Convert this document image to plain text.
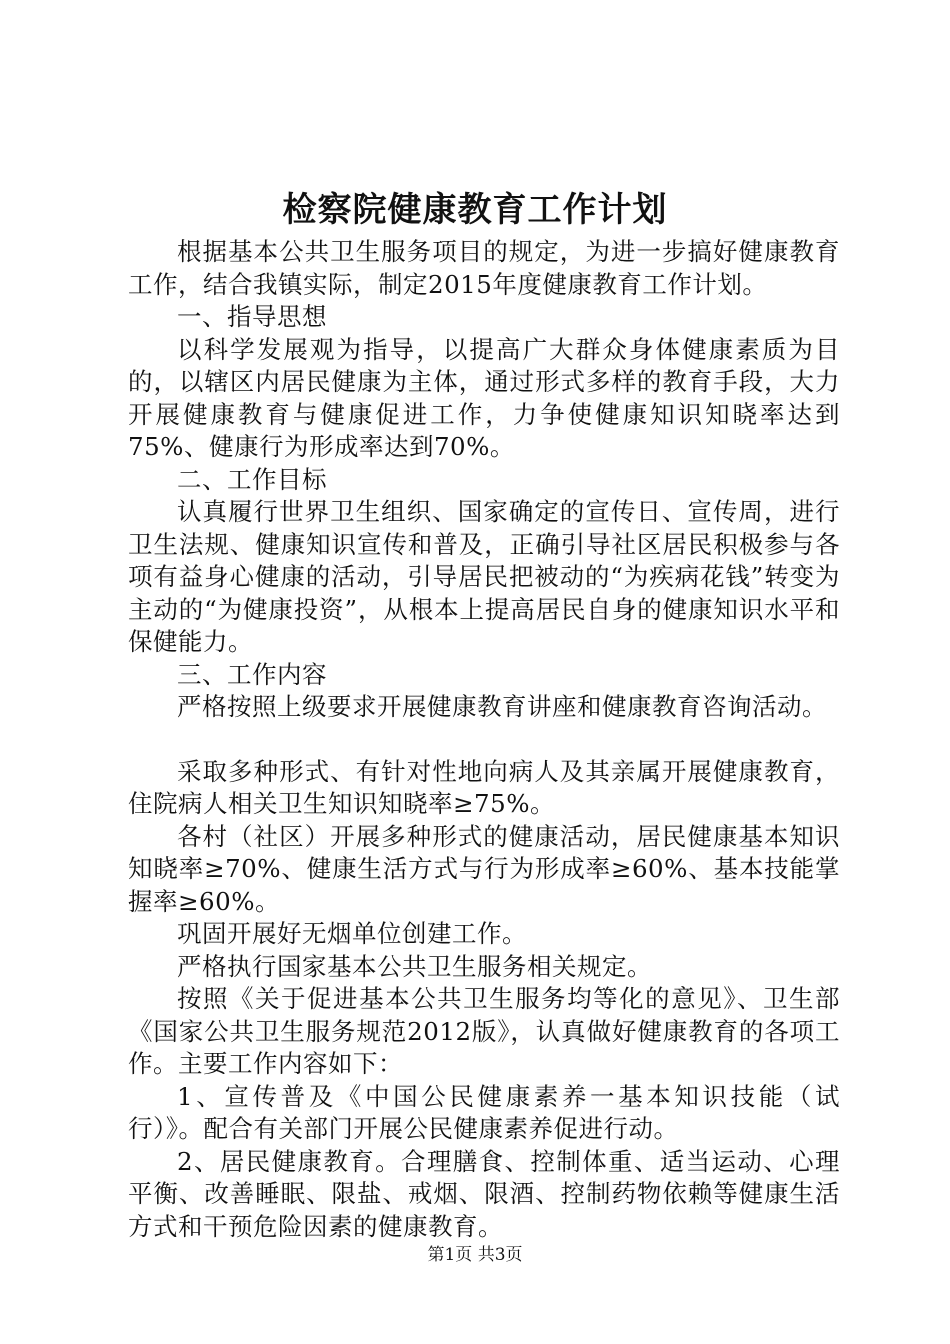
检察院健康教育工作计划

根据基本公共卫生服务项目的规定，为进一步搞好健康教育工作，结合我镇实际，制定2015年度健康教育工作计划。

一、指导思想

以科学发展观为指导，以提高广大群众身体健康素质为目的，以辖区内居民健康为主体，通过形式多样的教育手段，大力开展健康教育与健康促进工作，力争使健康知识知晓率达到75%、健康行为形成率达到70%。

二、工作目标

认真履行世界卫生组织、国家确定的宣传日、宣传周，进行卫生法规、健康知识宣传和普及，正确引导社区居民积极参与各项有益身心健康的活动，引导居民把被动的“为疾病花钱”转变为主动的“为健康投资”，从根本上提高居民自身的健康知识水平和保健能力。

三、工作内容

严格按照上级要求开展健康教育讲座和健康教育咨询活动。

采取多种形式、有针对性地向病人及其亲属开展健康教育，住院病人相关卫生知识知晓率≥75%。

各村（社区）开展多种形式的健康活动，居民健康基本知识知晓率≥70%、健康生活方式与行为形成率≥60%、基本技能掌握率≥60%。

巩固开展好无烟单位创建工作。

严格执行国家基本公共卫生服务相关规定。

按照《关于促进基本公共卫生服务均等化的意见》、卫生部《国家公共卫生服务规范2012版》，认真做好健康教育的各项工作。主要工作内容如下：

1、宣传普及《中国公民健康素养一基本知识技能（试行）》。配合有关部门开展公民健康素养促进行动。

2、居民健康教育。合理膳食、控制体重、适当运动、心理平衡、改善睡眠、限盐、戒烟、限酒、控制药物依赖等健康生活方式和干预危险因素的健康教育。

第1页 共3页
